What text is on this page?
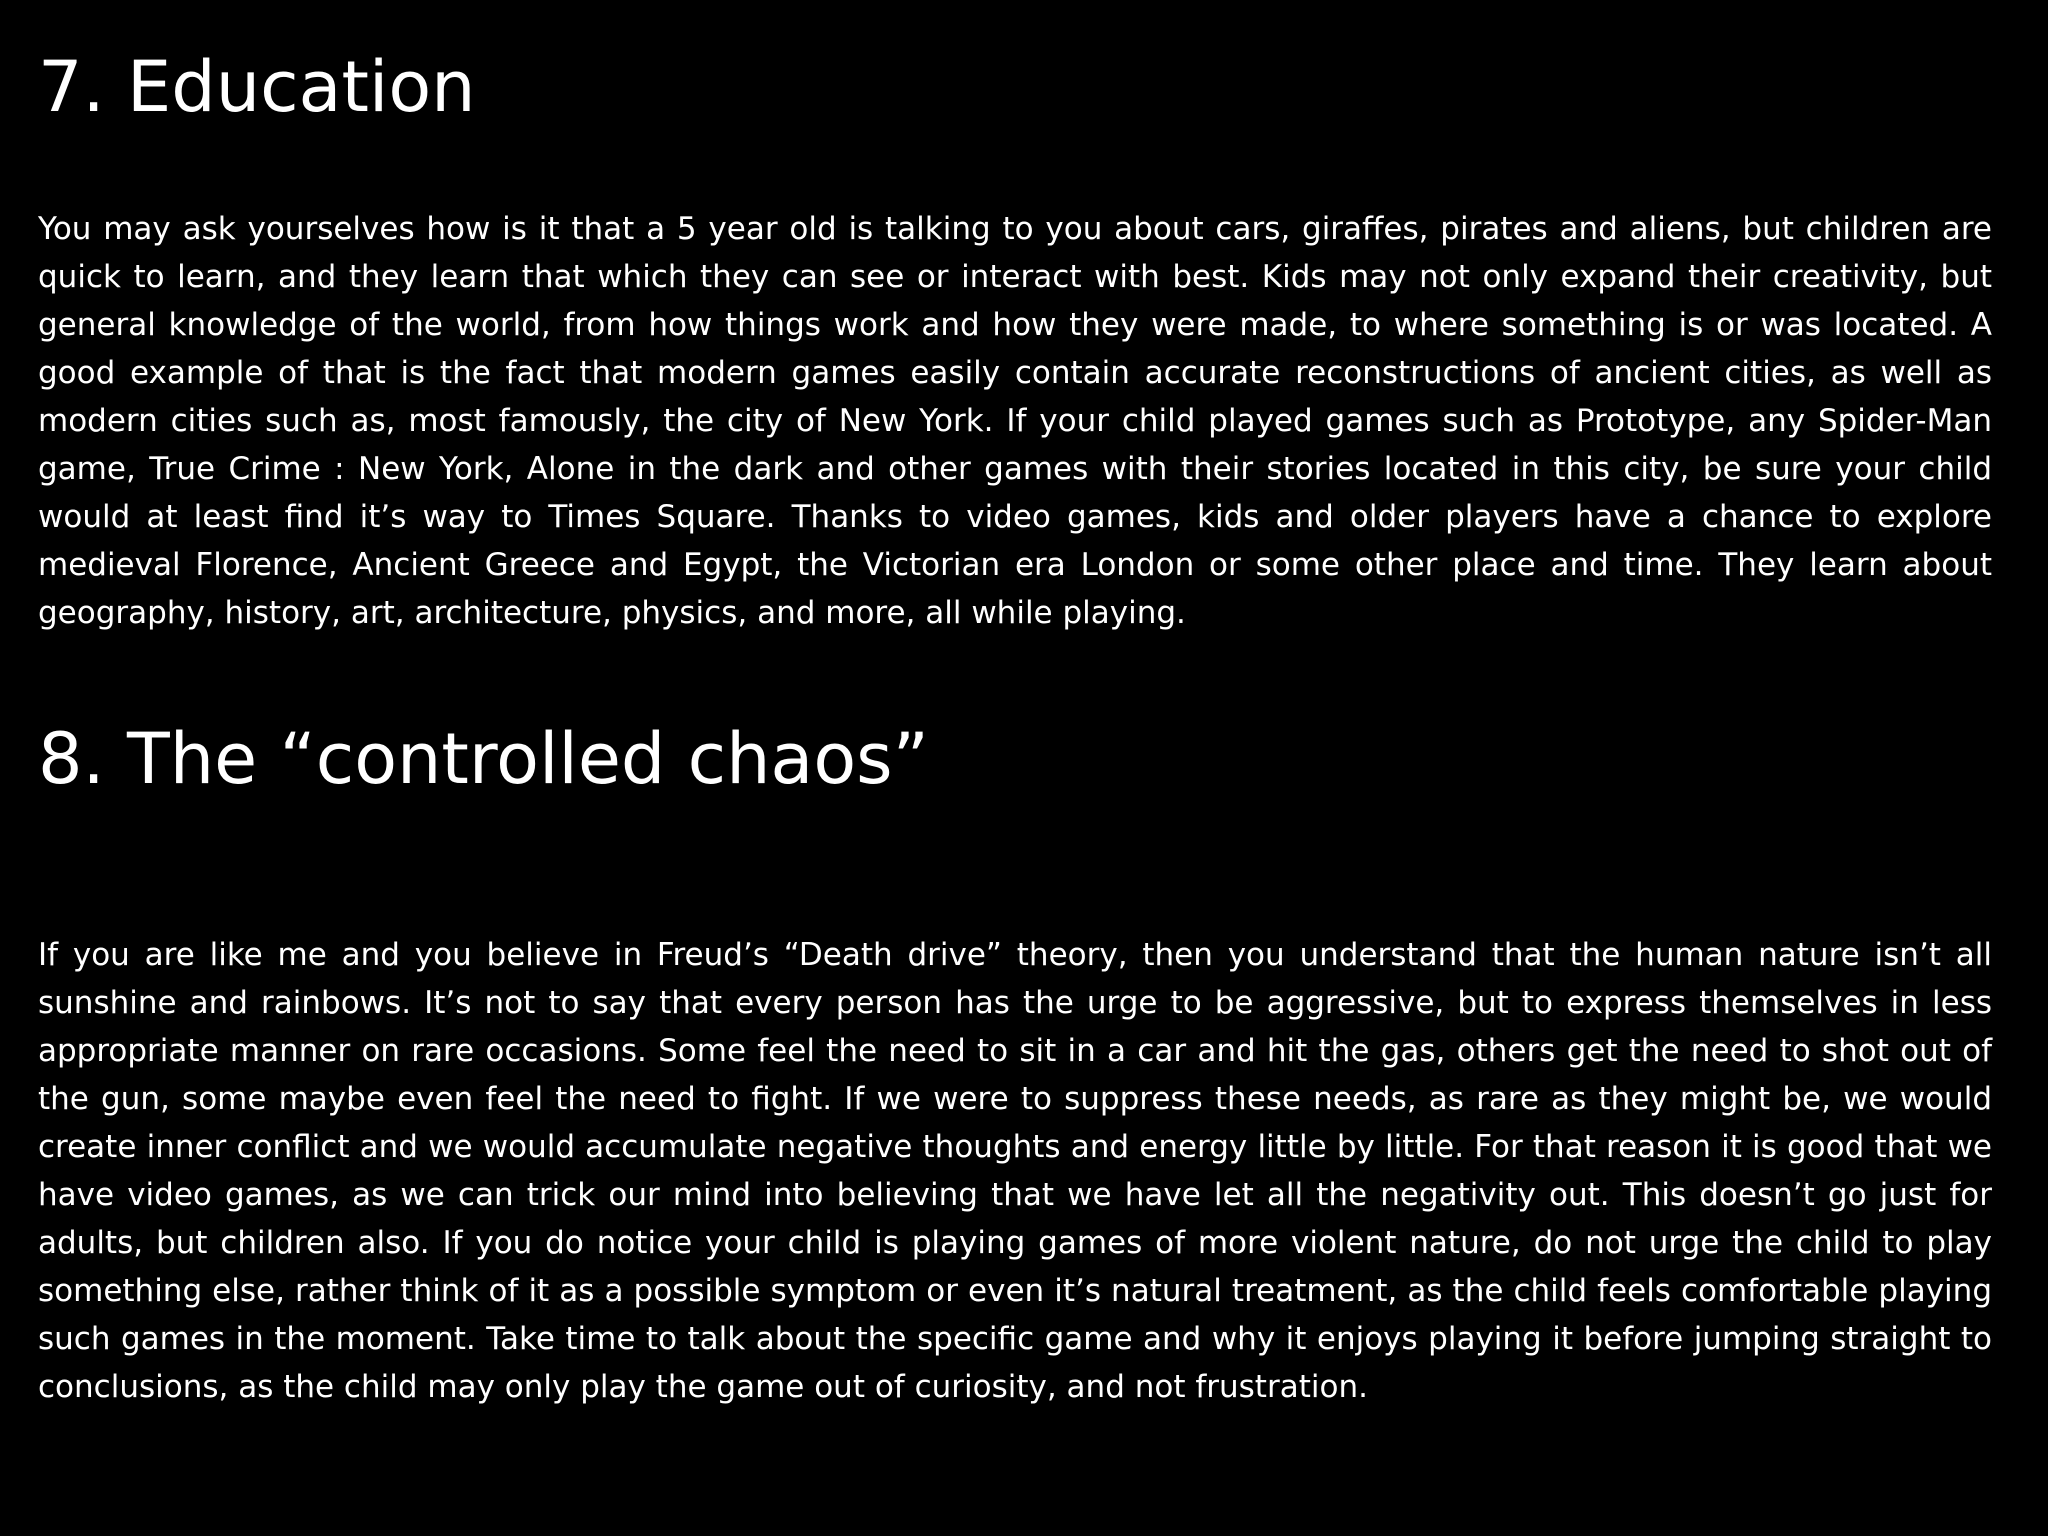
7. Education

You may ask yourselves how is it that a 5 year old is talking to you about cars, giraffes, pirates and aliens, but children are quick to learn, and they learn that which they can see or interact with best. Kids may not only expand their creativity, but general knowledge of the world, from how things work and how they were made, to where something is or was located. A good example of that is the fact that modern games easily contain accurate reconstructions of ancient cities, as well as modern cities such as, most famously, the city of New York. If your child played games such as Prototype, any Spider-Man game, True Crime : New York, Alone in the dark and other games with their stories located in this city, be sure your child would at least find it’s way to Times Square. Thanks to video games, kids and older players have a chance to explore medieval Florence, Ancient Greece and Egypt, the Victorian era London or some other place and time. They learn about geography, history, art, architecture, physics, and more, all while playing.

8. The “controlled chaos”

If you are like me and you believe in Freud’s “Death drive” theory, then you understand that the human nature isn’t all sunshine and rainbows. It’s not to say that every person has the urge to be aggressive, but to express themselves in less appropriate manner on rare occasions. Some feel the need to sit in a car and hit the gas, others get the need to shot out of the gun, some maybe even feel the need to fight. If we were to suppress these needs, as rare as they might be, we would create inner conflict and we would accumulate negative thoughts and energy little by little. For that reason it is good that we have video games, as we can trick our mind into believing that we have let all the negativity out. This doesn’t go just for adults, but children also. If you do notice your child is playing games of more violent nature, do not urge the child to play something else, rather think of it as a possible symptom or even it’s natural treatment, as the child feels comfortable playing such games in the moment. Take time to talk about the specific game and why it enjoys playing it before jumping straight to conclusions, as the child may only play the game out of curiosity, and not frustration.
